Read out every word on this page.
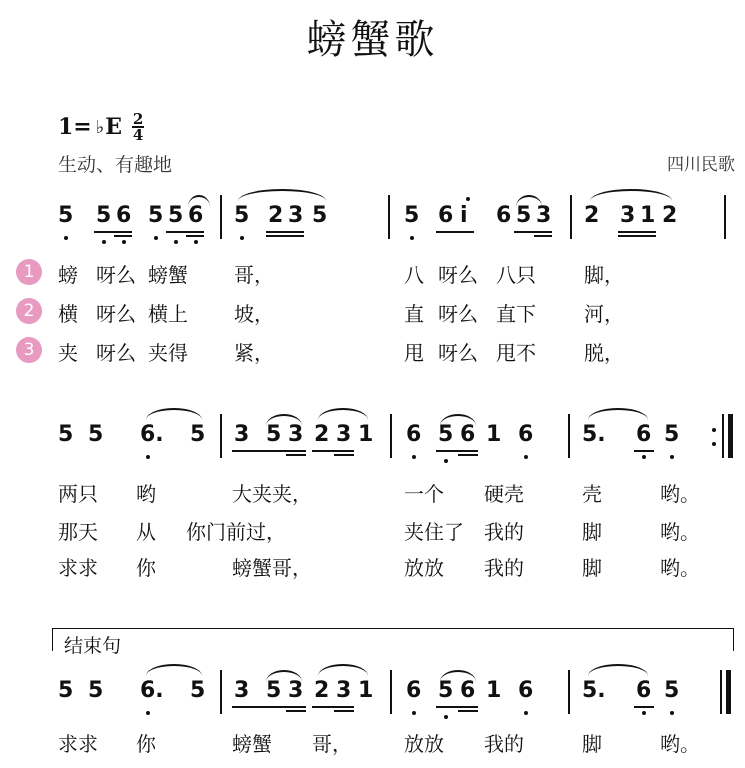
螃蟹歌
1= ♭ E $\frac{2}{4}$
生动、有趣地	四川民歌
5 5 6 5 5 6 5 2 3 5	5 6 i 6 5 3 2 3 1 2
1	螃 呀么 螃蟹 哥，	八 呀么 八只 脚，
2	横 呀么 横上 坡，	直 呀么 直下 河，
3	夹 呀么 夹得 紧，	甩 呀么 甩不 脱，
5 5 6. 5 3 5 3 2 3 1 6 5 6 1 6 5. 6 5
两只 哟	大夹夹，	一个 硬壳	壳	哟。
那天 从 你门前过，	夹住了 我的	脚	哟。
求求 你	螃蟹哥，	放放 我的	脚	哟。
结束句
5 5 6. 5 3 5 3 2 3 1 6 5 6 1 6 5. 6 5
求求 你	螃蟹 哥，	放放 我的	脚	哟。
